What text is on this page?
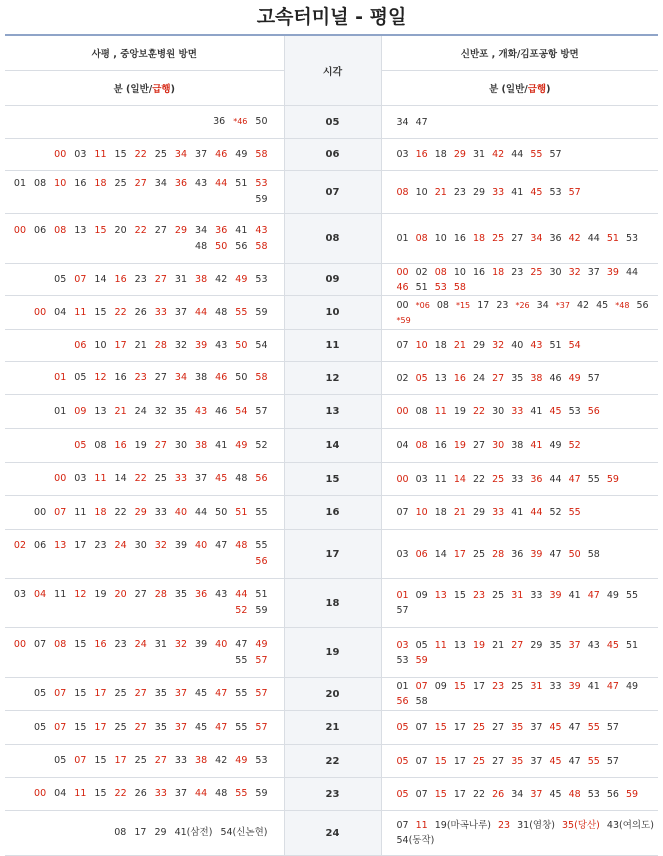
고속터미널 - 평일
사평 , 중앙보훈병원 방면	시각	신반포 , 개화/김포공항 방면
분 (일반/급행)		분 (일반/급행)
36 *46 50	05	34 47
00 03 11 15 22 25 34 37 46 49 58	06	03 16 18 29 31 42 44 55 57
01 08 10 16 18 25 27 34 36 43 44 51 53 59	07	08 10 21 23 29 33 41 45 53 57
00 06 08 13 15 20 22 27 29 34 36 41 43 48 50 56 58	08	01 08 10 16 18 25 27 34 36 42 44 51 53
05 07 14 16 23 27 31 38 42 49 53	09	00 02 08 10 16 18 23 25 30 32 37 39 44 46 51 53 58
00 04 11 15 22 26 33 37 44 48 55 59	10	00 *06 08 *15 17 23 *26 34 *37 42 45 *48 56 *59
06 10 17 21 28 32 39 43 50 54	11	07 10 18 21 29 32 40 43 51 54
01 05 12 16 23 27 34 38 46 50 58	12	02 05 13 16 24 27 35 38 46 49 57
01 09 13 21 24 32 35 43 46 54 57	13	00 08 11 19 22 30 33 41 45 53 56
05 08 16 19 27 30 38 41 49 52	14	04 08 16 19 27 30 38 41 49 52
00 03 11 14 22 25 33 37 45 48 56	15	00 03 11 14 22 25 33 36 44 47 55 59
00 07 11 18 22 29 33 40 44 50 51 55	16	07 10 18 21 29 33 41 44 52 55
02 06 13 17 23 24 30 32 39 40 47 48 55 56	17	03 06 14 17 25 28 36 39 47 50 58
03 04 11 12 19 20 27 28 35 36 43 44 51 52 59	18	01 09 13 15 23 25 31 33 39 41 47 49 55 57
00 07 08 15 16 23 24 31 32 39 40 47 49 55 57	19	03 05 11 13 19 21 27 29 35 37 43 45 51 53 59
05 07 15 17 25 27 35 37 45 47 55 57	20	01 07 09 15 17 23 25 31 33 39 41 47 49 56 58
05 07 15 17 25 27 35 37 45 47 55 57	21	05 07 15 17 25 27 35 37 45 47 55 57
05 07 15 17 25 27 33 38 42 49 53	22	05 07 15 17 25 27 35 37 45 47 55 57
00 04 11 15 22 26 33 37 44 48 55 59	23	05 07 15 17 22 26 34 37 45 48 53 56 59
08 17 29 41(삼전) 54(신논현)	24	07 11 19(마곡나루) 23 31(염창) 35(당산) 43(여의도) 54(동작)
